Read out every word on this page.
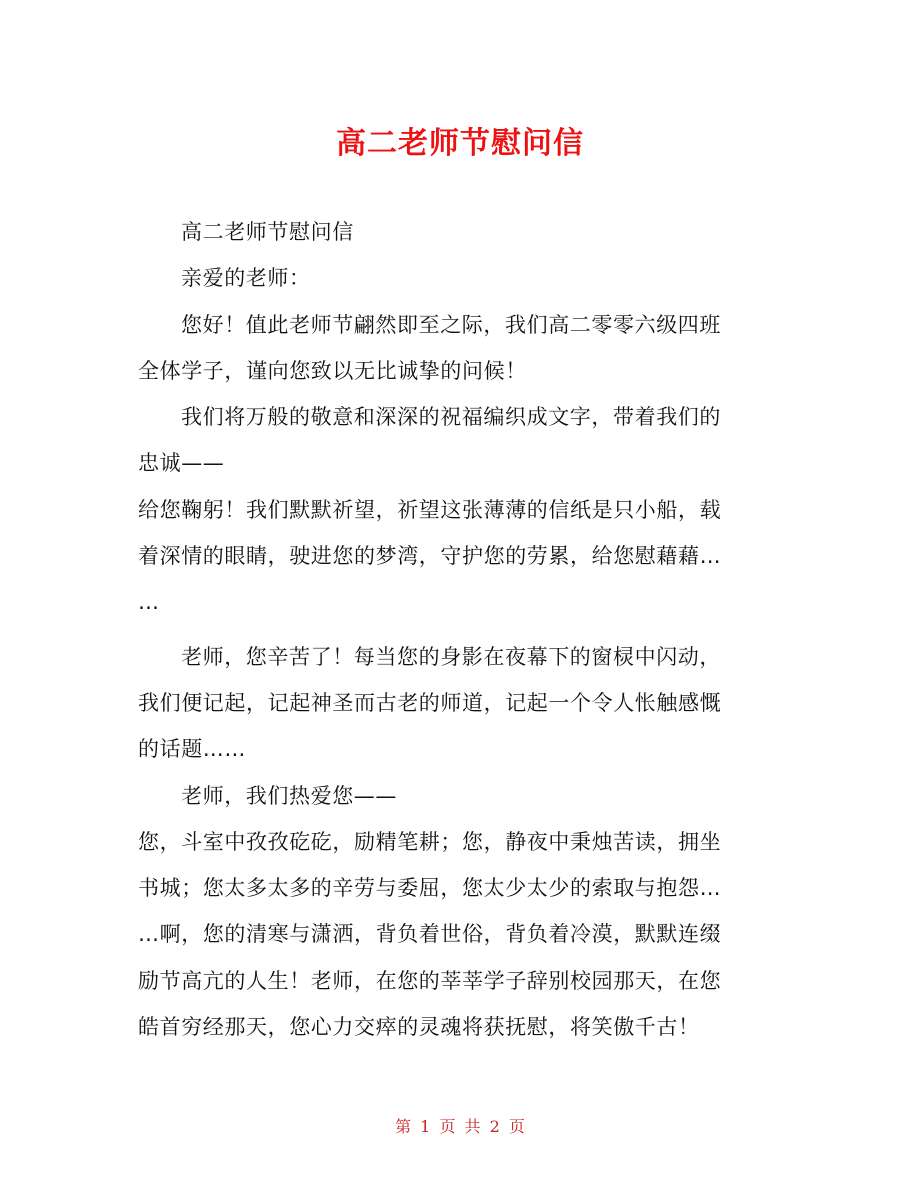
高二老师节慰问信
高二老师节慰问信
亲爱的老师：
您好！值此老师节翩然即至之际，我们高二零零六级四班
全体学子，谨向您致以无比诚挚的问候！
我们将万般的敬意和深深的祝福编织成文字，带着我们的
忠诚——
给您鞠躬！我们默默祈望，祈望这张薄薄的信纸是只小船，载
着深情的眼睛，驶进您的梦湾，守护您的劳累，给您慰藉藉…
…
老师，您辛苦了！每当您的身影在夜幕下的窗棂中闪动，
我们便记起，记起神圣而古老的师道，记起一个令人怅触感慨
的话题……
老师，我们热爱您——
您，斗室中孜孜矻矻，励精笔耕；您，静夜中秉烛苦读，拥坐
书城；您太多太多的辛劳与委屈，您太少太少的索取与抱怨…
…啊，您的清寒与潇洒，背负着世俗，背负着冷漠，默默连缀
励节高亢的人生！老师，在您的莘莘学子辞别校园那天，在您
皓首穷经那天，您心力交瘁的灵魂将获抚慰，将笑傲千古！
第 1 页 共 2 页
